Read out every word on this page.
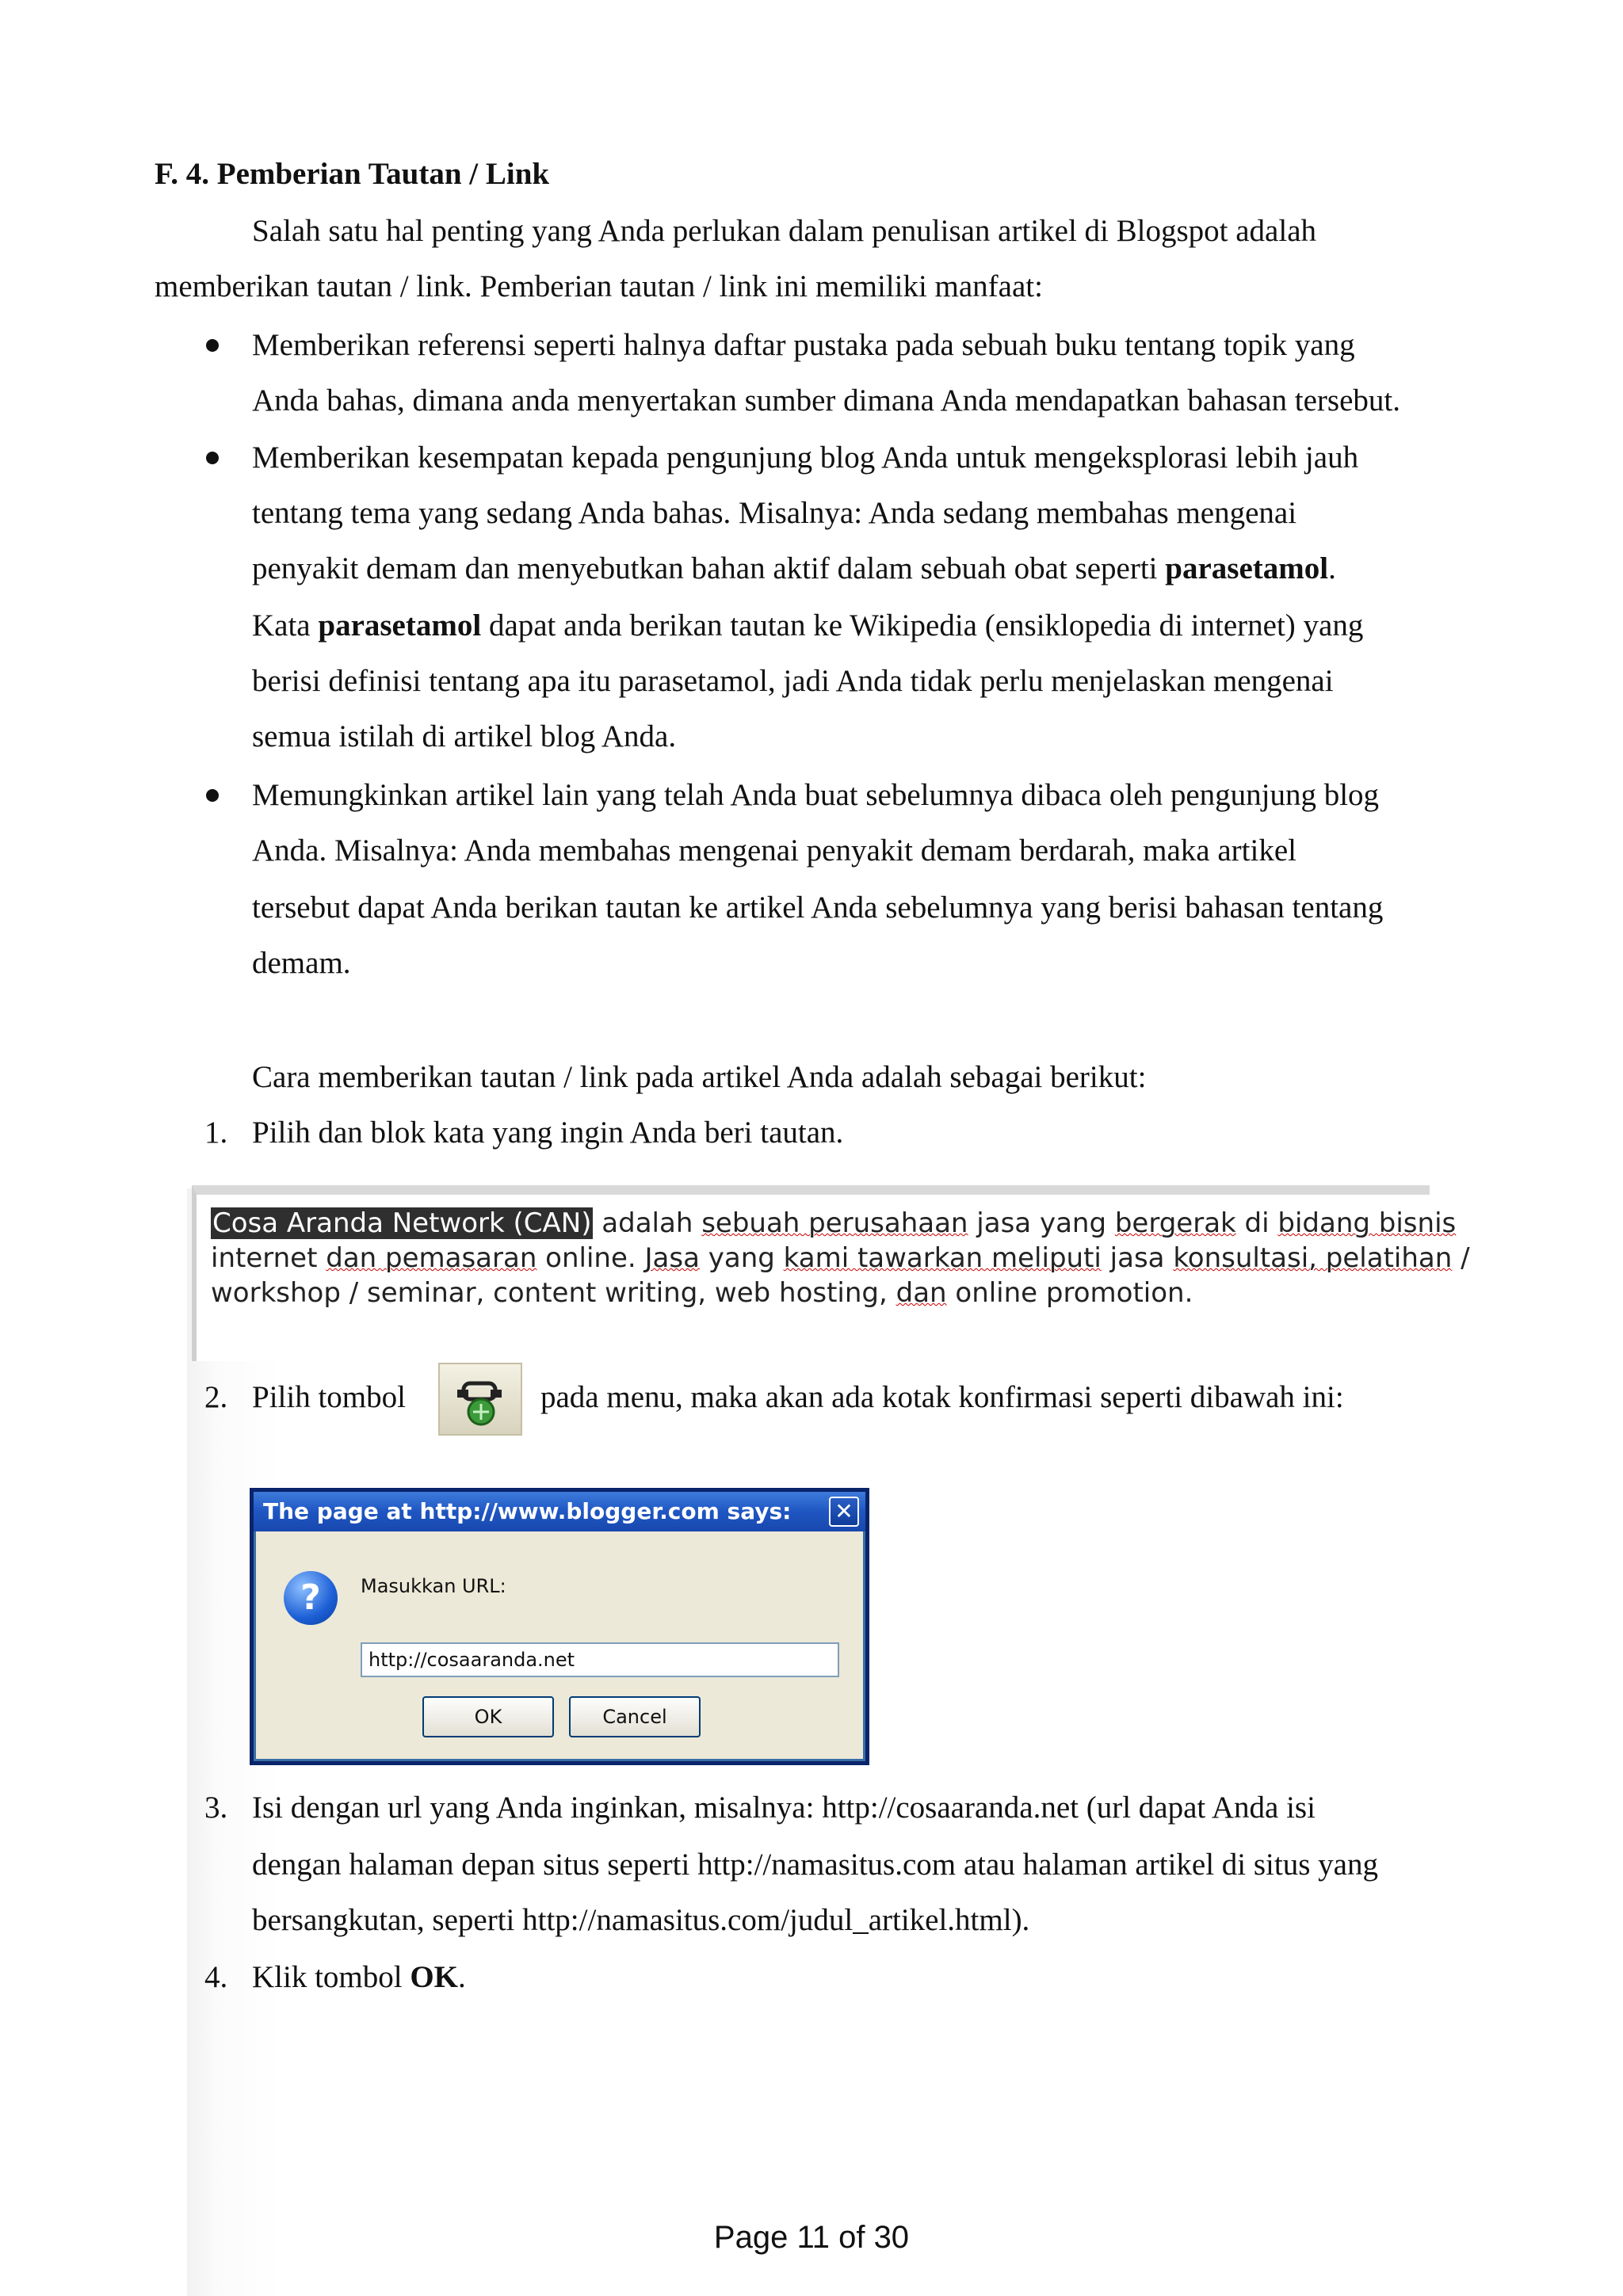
F. 4. Pemberian Tautan / Link
Salah satu hal penting yang Anda perlukan dalam penulisan artikel di Blogspot adalah
memberikan tautan / link. Pemberian tautan / link ini memiliki manfaat:
Memberikan referensi seperti halnya daftar pustaka pada sebuah buku tentang topik yang
Anda bahas, dimana anda menyertakan sumber dimana Anda mendapatkan bahasan tersebut.
Memberikan kesempatan kepada pengunjung blog Anda untuk mengeksplorasi lebih jauh
tentang tema yang sedang Anda bahas. Misalnya: Anda sedang membahas mengenai
penyakit demam dan menyebutkan bahan aktif dalam sebuah obat seperti parasetamol.
Kata parasetamol dapat anda berikan tautan ke Wikipedia (ensiklopedia di internet) yang
berisi definisi tentang apa itu parasetamol, jadi Anda tidak perlu menjelaskan mengenai
semua istilah di artikel blog Anda.
Memungkinkan artikel lain yang telah Anda buat sebelumnya dibaca oleh pengunjung blog
Anda. Misalnya: Anda membahas mengenai penyakit demam berdarah, maka artikel
tersebut dapat Anda berikan tautan ke artikel Anda sebelumnya yang berisi bahasan tentang
demam.
Cara memberikan tautan / link pada artikel Anda adalah sebagai berikut:
1. Pilih dan blok kata yang ingin Anda beri tautan.
Cosa Aranda Network (CAN) adalah sebuah perusahaan jasa yang bergerak di bidang bisnis
internet dan pemasaran online. Jasa yang kami tawarkan meliputi jasa konsultasi, pelatihan /
workshop / seminar, content writing, web hosting, dan online promotion.
2. Pilih tombol	pada menu, maka akan ada kotak konfirmasi seperti dibawah ini:
The page at http://www.blogger.com says:	✕
?	Masukkan URL:
http://cosaaranda.net
OK	Cancel
3. Isi dengan url yang Anda inginkan, misalnya: http://cosaaranda.net (url dapat Anda isi
dengan halaman depan situs seperti http://namasitus.com atau halaman artikel di situs yang
bersangkutan, seperti http://namasitus.com/judul_artikel.html).
4. Klik tombol OK.
Page 11 of 30
